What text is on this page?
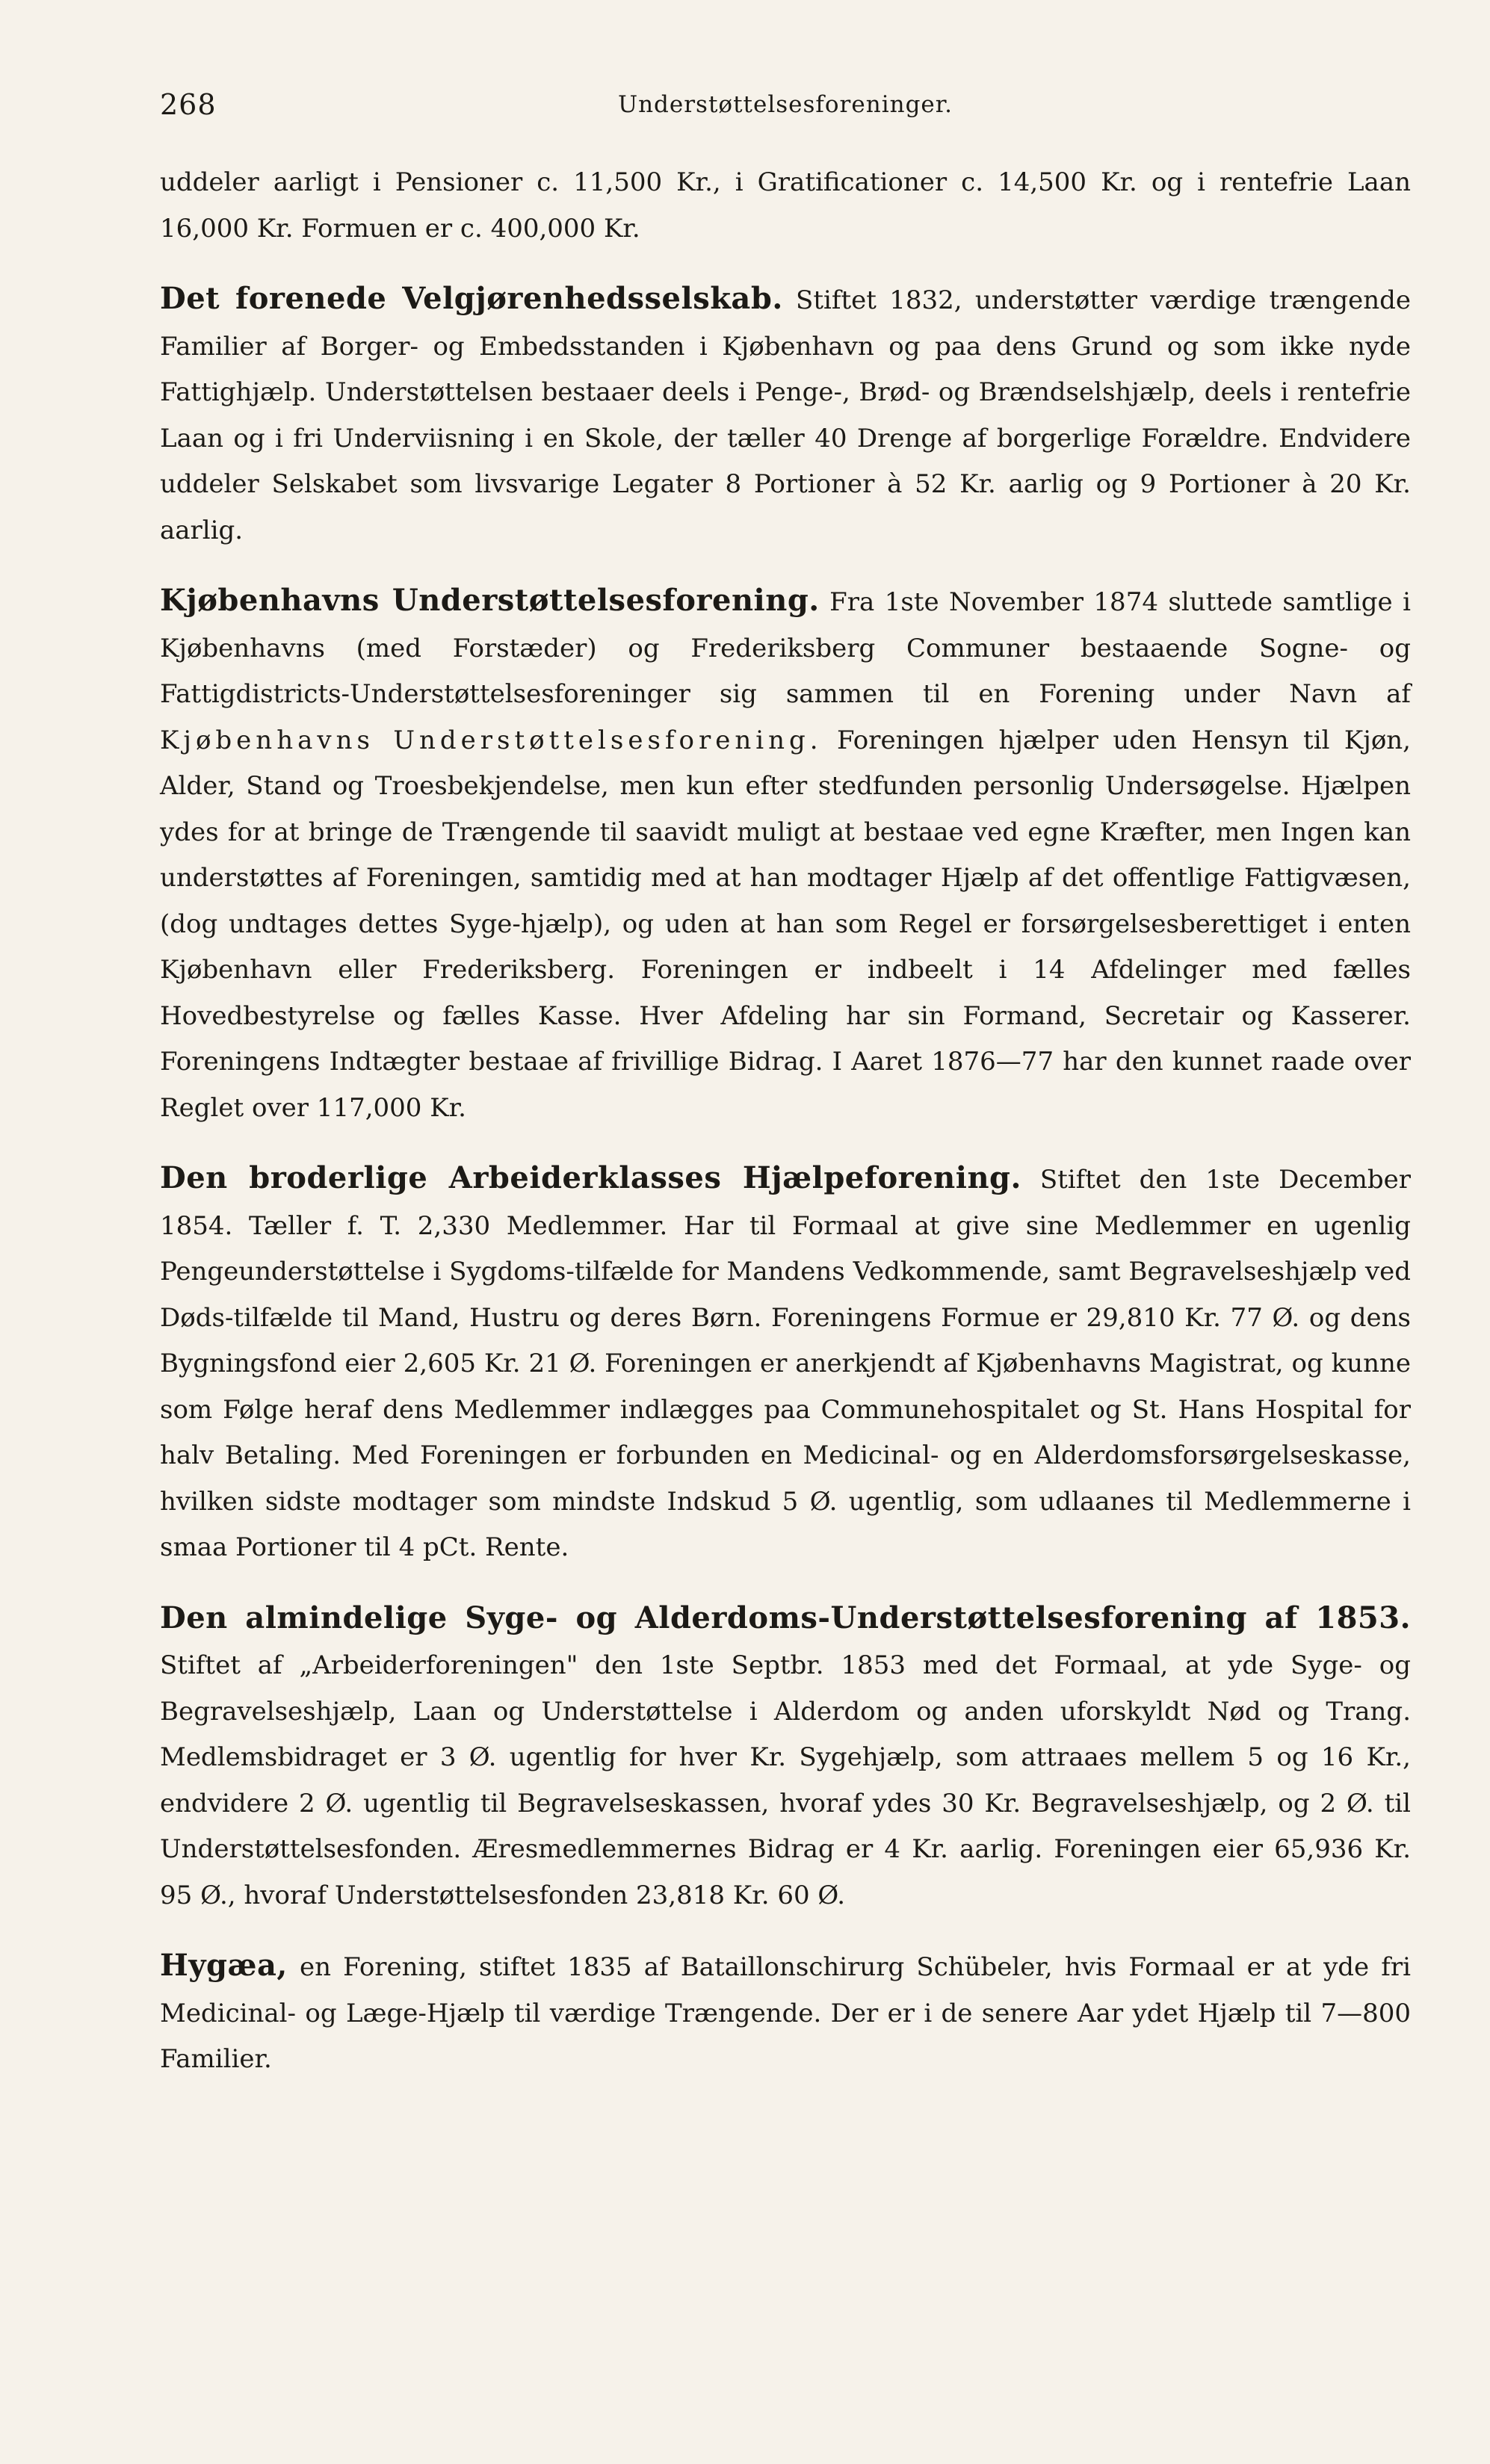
268	Understøttelsesforeninger.

uddeler aarligt i Pensioner c. 11,500 Kr., i Gratificationer c. 14,500 Kr. og i rentefrie Laan 16,000 Kr. Formuen er c. 400,000 Kr.

Det forenede Velgjørenhedsselskab. Stiftet 1832, understøtter værdige trængende Familier af Borger- og Embedsstanden i Kjøbenhavn og paa dens Grund og som ikke nyde Fattighjælp. Understøttelsen bestaaer deels i Penge-, Brød- og Brændselshjælp, deels i rentefrie Laan og i fri Underviisning i en Skole, der tæller 40 Drenge af borgerlige Forældre. Endvidere uddeler Selskabet som livsvarige Legater 8 Portioner à 52 Kr. aarlig og 9 Portioner à 20 Kr. aarlig.

Kjøbenhavns Understøttelsesforening. Fra 1ste November 1874 sluttede samtlige i Kjøbenhavns (med Forstæder) og Frederiksberg Communer bestaaende Sogne- og Fattigdistricts-Understøttelsesforeninger sig sammen til en Forening under Navn af Kjøbenhavns Understøttelsesforening. Foreningen hjælper uden Hensyn til Kjøn, Alder, Stand og Troesbekjendelse, men kun efter stedfunden personlig Undersøgelse. Hjælpen ydes for at bringe de Trængende til saavidt muligt at bestaae ved egne Kræfter, men Ingen kan understøttes af Foreningen, samtidig med at han modtager Hjælp af det offentlige Fattigvæsen, (dog undtages dettes Syge-hjælp), og uden at han som Regel er forsørgelsesberettiget i enten Kjøbenhavn eller Frederiksberg. Foreningen er indbeelt i 14 Afdelinger med fælles Hovedbestyrelse og fælles Kasse. Hver Afdeling har sin Formand, Secretair og Kasserer. Foreningens Indtægter bestaae af frivillige Bidrag. I Aaret 1876—77 har den kunnet raade over Reglet over 117,000 Kr.

Den broderlige Arbeiderklasses Hjælpeforening. Stiftet den 1ste December 1854. Tæller f. T. 2,330 Medlemmer. Har til Formaal at give sine Medlemmer en ugenlig Pengeunderstøttelse i Sygdoms-tilfælde for Mandens Vedkommende, samt Begravelseshjælp ved Døds-tilfælde til Mand, Hustru og deres Børn. Foreningens Formue er 29,810 Kr. 77 Ø. og dens Bygningsfond eier 2,605 Kr. 21 Ø. Foreningen er anerkjendt af Kjøbenhavns Magistrat, og kunne som Følge heraf dens Medlemmer indlægges paa Communehospitalet og St. Hans Hospital for halv Betaling. Med Foreningen er forbunden en Medicinal- og en Alderdomsforsørgelseskasse, hvilken sidste modtager som mindste Indskud 5 Ø. ugentlig, som udlaanes til Medlemmerne i smaa Portioner til 4 pCt. Rente.

Den almindelige Syge- og Alderdoms-Understøttelsesforening af 1853. Stiftet af „Arbeiderforeningen" den 1ste Septbr. 1853 med det Formaal, at yde Syge- og Begravelseshjælp, Laan og Understøttelse i Alderdom og anden uforskyldt Nød og Trang. Medlemsbidraget er 3 Ø. ugentlig for hver Kr. Sygehjælp, som attraaes mellem 5 og 16 Kr., endvidere 2 Ø. ugentlig til Begravelseskassen, hvoraf ydes 30 Kr. Begravelseshjælp, og 2 Ø. til Understøttelsesfonden. Æresmedlemmernes Bidrag er 4 Kr. aarlig. Foreningen eier 65,936 Kr. 95 Ø., hvoraf Understøttelsesfonden 23,818 Kr. 60 Ø.

Hygæa, en Forening, stiftet 1835 af Bataillonschirurg Schübeler, hvis Formaal er at yde fri Medicinal- og Læge-Hjælp til værdige Trængende. Der er i de senere Aar ydet Hjælp til 7—800 Familier.
